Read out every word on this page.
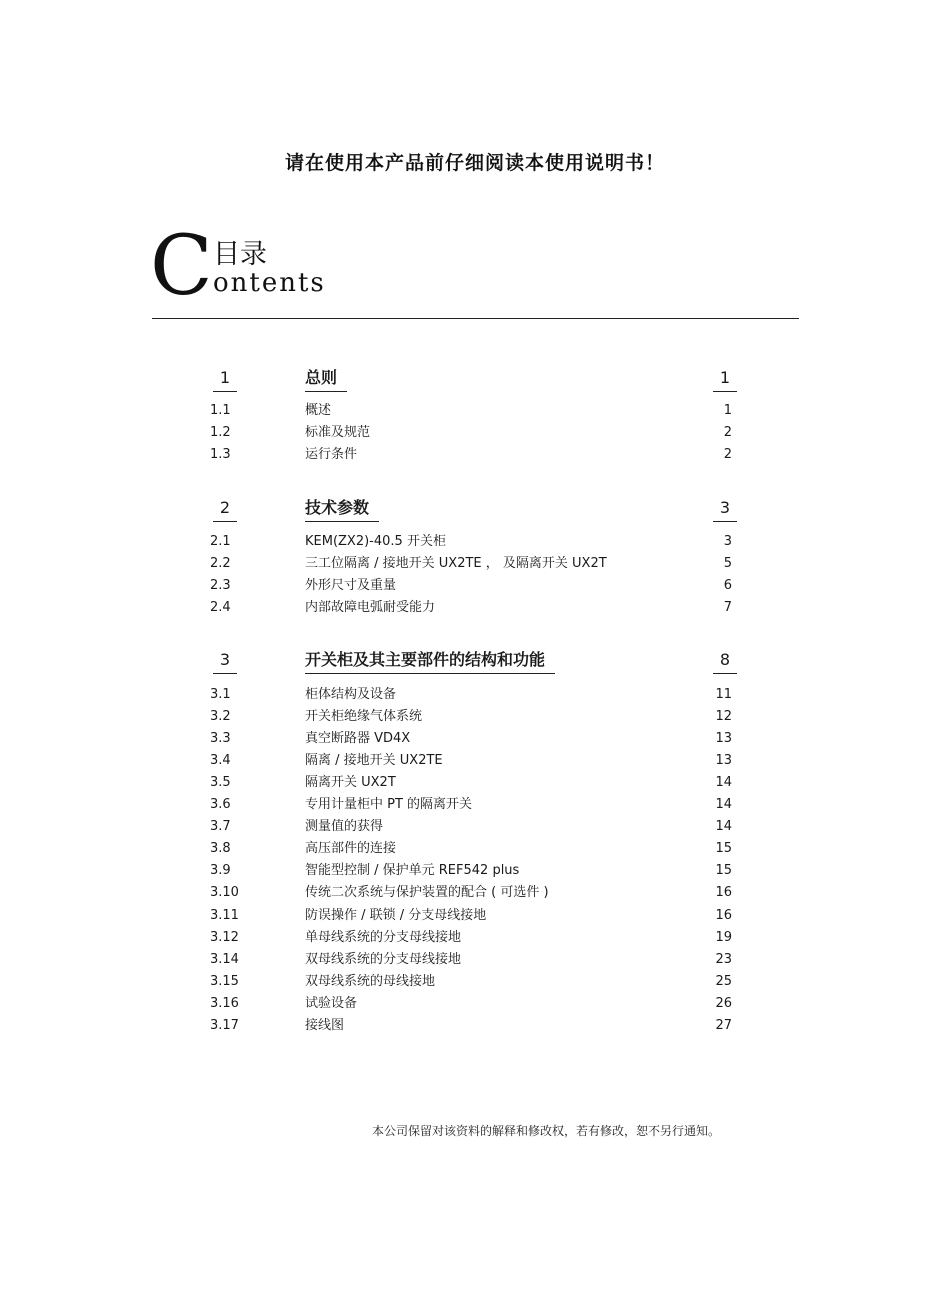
请在使用本产品前仔细阅读本使用说明书！
C 目录
ontents
1	总则	1
1.1	概述	1
1.2	标准及规范	2
1.3	运行条件	2
2	技术参数	3
2.1	KEM(ZX2)-40.5 开关柜	3
2.2	三工位隔离 / 接地开关 UX2TE ， 及隔离开关 UX2T	5
2.3	外形尺寸及重量	6
2.4	内部故障电弧耐受能力	7
3	开关柜及其主要部件的结构和功能	8
3.1	柜体结构及设备	11
3.2	开关柜绝缘气体系统	12
3.3	真空断路器 VD4X	13
3.4	隔离 / 接地开关 UX2TE	13
3.5	隔离开关 UX2T	14
3.6	专用计量柜中 PT 的隔离开关	14
3.7	测量值的获得	14
3.8	高压部件的连接	15
3.9	智能型控制 / 保护单元 REF542 plus	15
3.10	传统二次系统与保护装置的配合 ( 可选件 )	16
3.11	防误操作 / 联锁 / 分支母线接地	16
3.12	单母线系统的分支母线接地	19
3.14	双母线系统的分支母线接地	23
3.15	双母线系统的母线接地	25
3.16	试验设备	26
3.17	接线图	27
本公司保留对该资料的解释和修改权，若有修改，恕不另行通知。
